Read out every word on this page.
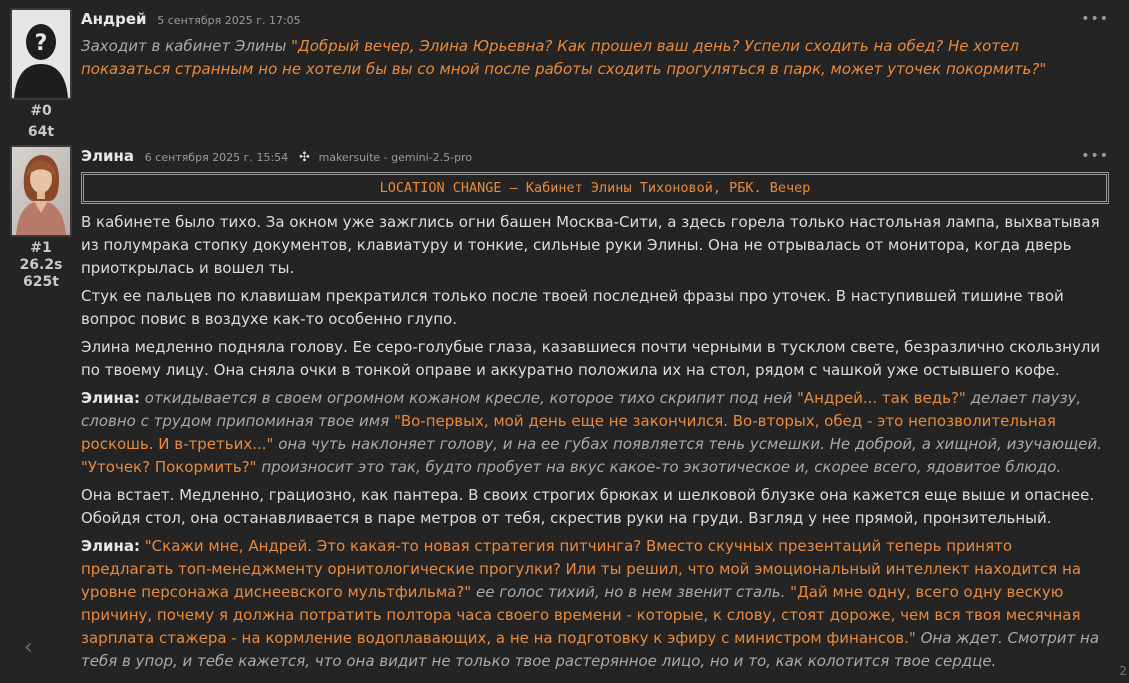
?
#0
64t
Андрей 5 сентября 2025 г. 17:05	•••

Заходит в кабинет Элины "Добрый вечер, Элина Юрьевна? Как прошел ваш день? Успели сходить на обед? Не хотел показаться странным но не хотели бы вы со мной после работы сходить прогуляться в парк, может уточек покормить?"

#1
26.2s
625t
Элина 6 сентября 2025 г. 15:54 ✣ makersuite - gemini-2.5-pro	•••
LOCATION CHANGE – Кабинет Элины Тихоновой, РБК. Вечер

В кабинете было тихо. За окном уже зажглись огни башен Москва-Сити, а здесь горела только настольная лампа, выхватывая из полумрака стопку документов, клавиатуру и тонкие, сильные руки Элины. Она не отрывалась от монитора, когда дверь приоткрылась и вошел ты.

Стук ее пальцев по клавишам прекратился только после твоей последней фразы про уточек. В наступившей тишине твой вопрос повис в воздухе как-то особенно глупо.

Элина медленно подняла голову. Ее серо-голубые глаза, казавшиеся почти черными в тусклом свете, безразлично скользнули по твоему лицу. Она сняла очки в тонкой оправе и аккуратно положила их на стол, рядом с чашкой уже остывшего кофе.

Элина: откидывается в своем огромном кожаном кресле, которое тихо скрипит под ней "Андрей... так ведь?" делает паузу, словно с трудом припоминая твое имя "Во-первых, мой день еще не закончился. Во-вторых, обед - это непозволительная роскошь. И в-третьих..." она чуть наклоняет голову, и на ее губах появляется тень усмешки. Не доброй, а хищной, изучающей. "Уточек? Покормить?" произносит это так, будто пробует на вкус какое-то экзотическое и, скорее всего, ядовитое блюдо.

Она встает. Медленно, грациозно, как пантера. В своих строгих брюках и шелковой блузке она кажется еще выше и опаснее. Обойдя стол, она останавливается в паре метров от тебя, скрестив руки на груди. Взгляд у нее прямой, пронзительный.

Элина: "Скажи мне, Андрей. Это какая-то новая стратегия питчинга? Вместо скучных презентаций теперь принято предлагать топ-менеджменту орнитологические прогулки? Или ты решил, что мой эмоциональный интеллект находится на уровне персонажа диснеевского мультфильма?" ее голос тихий, но в нем звенит сталь. "Дай мне одну, всего одну вескую причину, почему я должна потратить полтора часа своего времени - которые, к слову, стоят дороже, чем вся твоя месячная зарплата стажера - на кормление водоплавающих, а не на подготовку к эфиру с министром финансов." Она ждет. Смотрит на тебя в упор, и тебе кажется, что она видит не только твое растерянное лицо, но и то, как колотится твое сердце.

‹
2
